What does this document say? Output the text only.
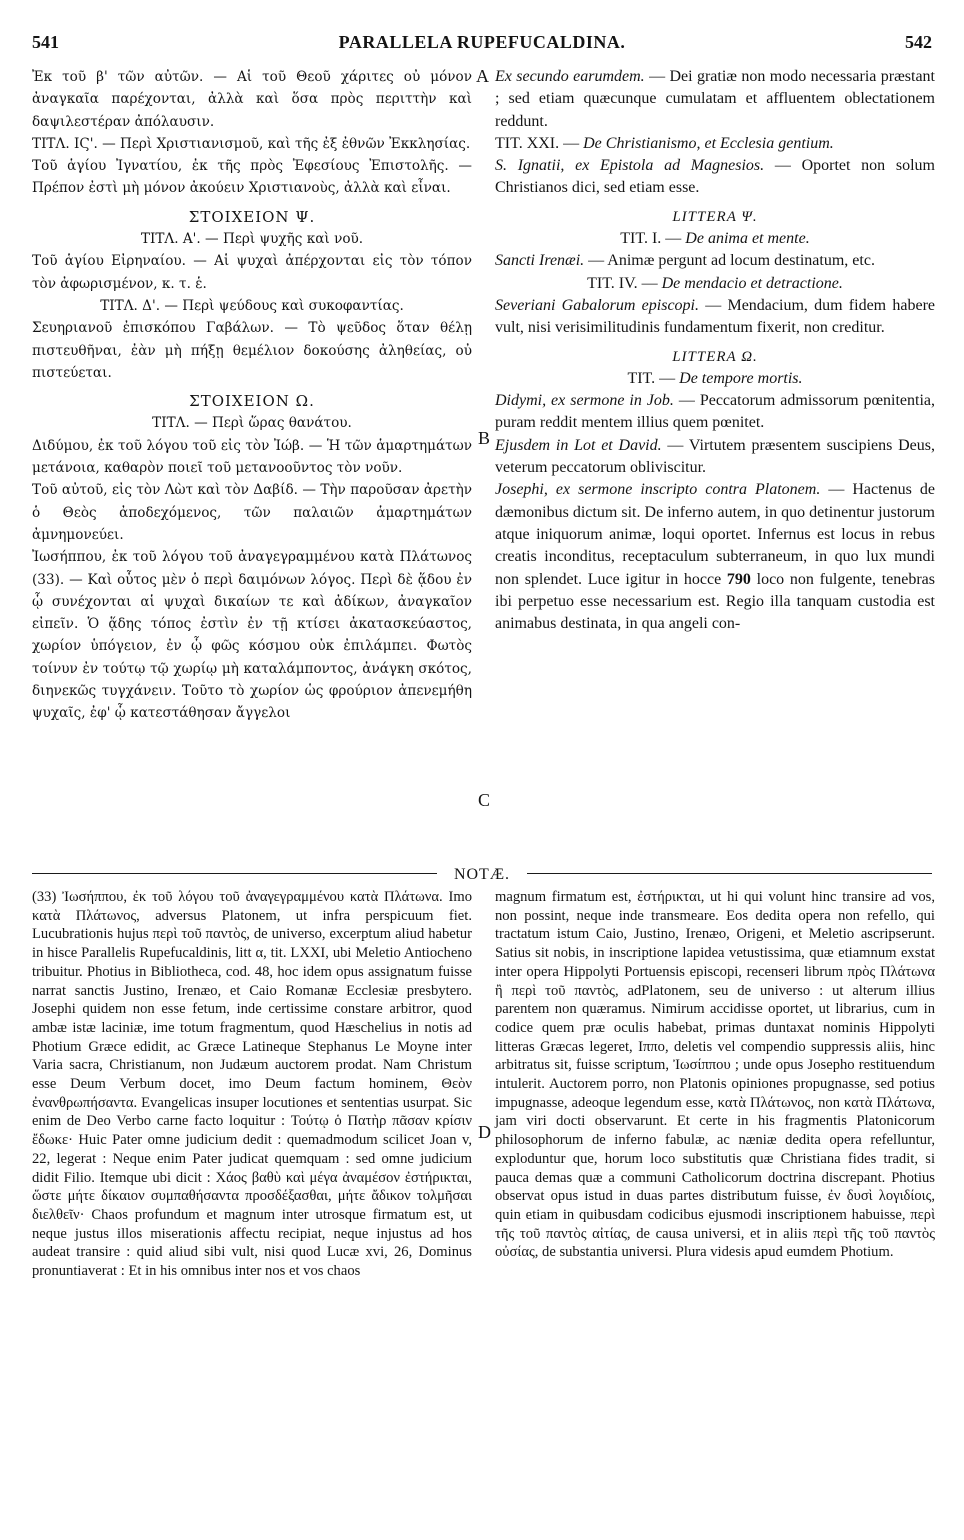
541	PARALLELA RUPEFUCALDINA.	542

Ἐκ τοῦ β' τῶν αὐτῶν. — Αἱ τοῦ Θεοῦ χάριτες οὐ μόνον ἀναγκαῖα παρέχονται, ἀλλὰ καὶ ὅσα πρὸς περιττὴν καὶ δαψιλεστέραν ἀπόλαυσιν.

ΤΙΤΛ. ΙϚ'. — Περὶ Χριστιανισμοῦ, καὶ τῆς ἐξ ἐθνῶν Ἐκκλησίας.

Τοῦ ἁγίου Ἰγνατίου, ἐκ τῆς πρὸς Ἐφεσίους Ἐπιστολῆς. — Πρέπον ἐστὶ μὴ μόνον ἀκούειν Χριστιανοὺς, ἀλλὰ καὶ εἶναι.

ΣΤΟΙΧΕΙΟΝ Ψ.

ΤΙΤΛ. Α'. — Περὶ ψυχῆς καὶ νοῦ.

Τοῦ ἁγίου Εἰρηναίου. — Αἱ ψυχαὶ ἀπέρχονται εἰς τὸν τόπον τὸν ἀφωρισμένον, κ. τ. ἑ.

ΤΙΤΛ. Δ'. — Περὶ ψεύδους καὶ συκοφαντίας.

Σευηριανοῦ ἐπισκόπου Γαβάλων. — Τὸ ψεῦδος ὅταν θέλῃ πιστευθῆναι, ἐὰν μὴ πήξῃ θεμέλιον δοκούσης ἀληθείας, οὐ πιστεύεται.

ΣΤΟΙΧΕΙΟΝ Ω.

ΤΙΤΛ. — Περὶ ὥρας θανάτου.

Διδύμου, ἐκ τοῦ λόγου τοῦ εἰς τὸν Ἰώβ. — Ἡ τῶν ἁμαρτημάτων μετάνοια, καθαρὸν ποιεῖ τοῦ μετανοοῦντος τὸν νοῦν.

Τοῦ αὐτοῦ, εἰς τὸν Λὼτ καὶ τὸν Δαβίδ. — Τὴν παροῦσαν ἀρετὴν ὁ Θεὸς ἀποδεχόμενος, τῶν παλαιῶν ἁμαρτημάτων ἀμνημονεύει.

Ἰωσήππου, ἐκ τοῦ λόγου τοῦ ἀναγεγραμμένου κατὰ Πλάτωνος (33). — Καὶ οὗτος μὲν ὁ περὶ δαιμόνων λόγος. Περὶ δὲ ᾅδου ἐν ᾧ συνέχονται αἱ ψυχαὶ δικαίων τε καὶ ἀδίκων, ἀναγκαῖον εἰπεῖν. Ὁ ᾅδης τόπος ἐστὶν ἐν τῇ κτίσει ἀκατασκεύαστος, χωρίον ὑπόγειον, ἐν ᾧ φῶς κόσμου οὐκ ἐπιλάμπει. Φωτὸς τοίνυν ἐν τούτῳ τῷ χωρίῳ μὴ καταλάμποντος, ἀνάγκη σκότος, διηνεκῶς τυγχάνειν. Τοῦτο τὸ χωρίον ὡς φρούριον ἀπενεμήθη ψυχαῖς, ἐφ' ᾧ κατεστάθησαν ἄγγελοι

A
B
C
D

Ex secundo earumdem. — Dei gratiæ non modo necessaria præstant ; sed etiam quæcunque cumulatam et affluentem oblectationem reddunt.

TIT. XXI. — De Christianismo, et Ecclesia gentium.

S. Ignatii, ex Epistola ad Magnesios. — Oportet non solum Christianos dici, sed etiam esse.

LITTERA Ψ.

TIT. I. — De anima et mente.

Sancti Irenæi. — Animæ pergunt ad locum destinatum, etc.

TIT. IV. — De mendacio et detractione.

Severiani Gabalorum episcopi. — Mendacium, dum fidem habere vult, nisi verisimilitudinis fundamentum fixerit, non creditur.

LITTERA Ω.

TIT. — De tempore mortis.

Didymi, ex sermone in Job. — Peccatorum admissorum pœnitentia, puram reddit mentem illius quem pœnitet.

Ejusdem in Lot et David. — Virtutem præsentem suscipiens Deus, veterum peccatorum obliviscitur.

Josephi, ex sermone inscripto contra Platonem. — Hactenus de dæmonibus dictum sit. De inferno autem, in quo detinentur justorum atque iniquorum animæ, loqui oportet. Infernus est locus in rebus creatis inconditus, receptaculum subterraneum, in quo lux mundi non splendet. Luce igitur in hocce 790 loco non fulgente, tenebras ibi perpetuo esse necessarium est. Regio illa tanquam custodia est animabus destinata, in qua angeli con-

NOTÆ.

(33) Ἰωσήππου, ἐκ τοῦ λόγου τοῦ ἀναγεγραμμένου κατὰ Πλάτωνα. Imo κατὰ Πλάτωνος, adversus Platonem, ut infra perspicuum fiet. Lucubrationis hujus περὶ τοῦ παντὸς, de universo, excerptum aliud habetur in hisce Parallelis Rupefucaldinis, litt α, tit. LXXI, ubi Meletio Antiocheno tribuitur. Photius in Bibliotheca, cod. 48, hoc idem opus assignatum fuisse narrat sanctis Justino, Irenæo, et Caio Romanæ Ecclesiæ presbytero. Josephi quidem non esse fetum, inde certissime constare arbitror, quod ambæ istæ laciniæ, ime totum fragmentum, quod Hæschelius in notis ad Photium Græce edidit, ac Græce Latineque Stephanus Le Moyne inter Varia sacra, Christianum, non Judæum auctorem prodat. Nam Christum esse Deum Verbum docet, imo Deum factum hominem, Θεὸν ἐνανθρωπήσαντα. Evangelicas insuper locutiones et sententias usurpat. Sic enim de Deo Verbo carne facto loquitur : Τούτῳ ὁ Πατὴρ πᾶσαν κρίσιν ἔδωκε· Huic Pater omne judicium dedit : quemadmodum scilicet Joan v, 22, legerat : Neque enim Pater judicat quemquam : sed omne judicium didit Filio. Itemque ubi dicit : Χάος βαθὺ καὶ μέγα ἀναμέσον ἐστήρικται, ὥστε μήτε δίκαιον συμπαθήσαντα προσδέξασθαι, μήτε ἄδικον τολμῆσαι διελθεῖν· Chaos profundum et magnum inter utrosque firmatum est, ut neque justus illos miserationis affectu recipiat, neque injustus ad hos audeat transire : quid aliud sibi vult, nisi quod Lucæ xvi, 26, Dominus pronuntiaverat : Et in his omnibus inter nos et vos chaos

magnum firmatum est, ἐστήρικται, ut hi qui volunt hinc transire ad vos, non possint, neque inde transmeare. Eos dedita opera non refello, qui tractatum istum Caio, Justino, Irenæo, Origeni, et Meletio ascripserunt. Satius sit nobis, in inscriptione lapidea vetustissima, quæ etiamnum exstat inter opera Hippolyti Portuensis episcopi, recenseri librum πρὸς Πλάτωνα ἢ περὶ τοῦ παντὸς, adPlatonem, seu de universo : ut alterum illius parentem non quæramus. Nimirum accidisse oportet, ut librarius, cum in codice quem præ oculis habebat, primas duntaxat nominis Hippolyti litteras Græcas legeret, Ιππο, deletis vel compendio suppressis aliis, hinc arbitratus sit, fuisse scriptum, Ἰωσίππου ; unde opus Josepho restituendum intulerit. Auctorem porro, non Platonis opiniones propugnasse, sed potius impugnasse, adeoque legendum esse, κατὰ Πλάτωνος, non κατὰ Πλάτωνα, jam viri docti observarunt. Et certe in his fragmentis Platonicorum philosophorum de inferno fabulæ, ac næniæ dedita opera refelluntur, exploduntur que, horum loco substitutis quæ Christiana fides tradit, si pauca demas quæ a communi Catholicorum doctrina discrepant. Photius observat opus istud in duas partes distributum fuisse, ἐν δυσὶ λογιδίοις, quin etiam in quibusdam codicibus ejusmodi inscriptionem habuisse, περὶ τῆς τοῦ παντὸς αἰτίας, de causa universi, et in aliis περὶ τῆς τοῦ παντὸς οὐσίας, de substantia universi. Plura videsis apud eumdem Photium.
